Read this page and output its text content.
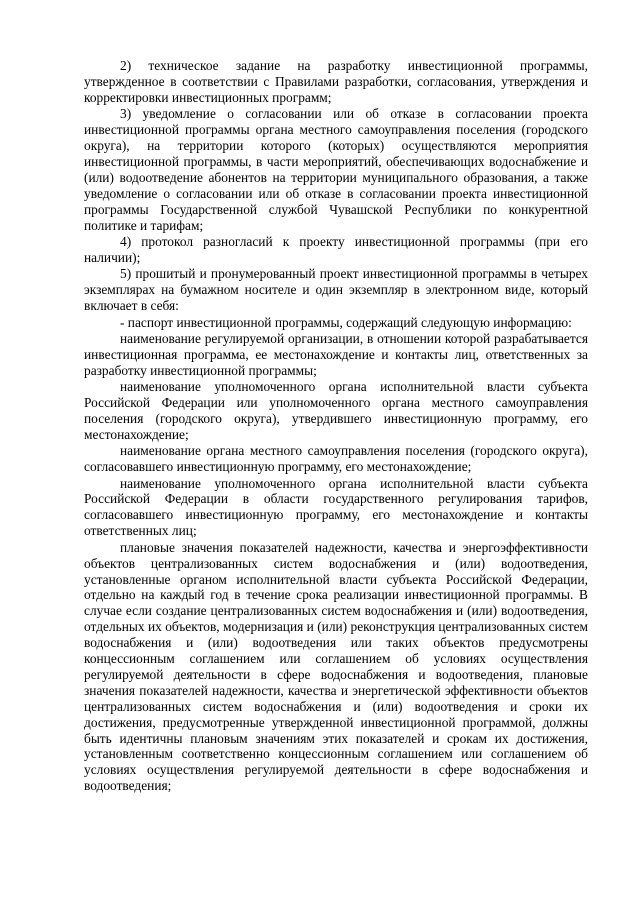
2) техническое задание на разработку инвестиционной программы, утвержденное в соответствии с Правилами разработки, согласования, утверждения и корректировки инвестиционных программ;

3) уведомление о согласовании или об отказе в согласовании проекта инвестиционной программы органа местного самоуправления поселения (городского округа), на территории которого (которых) осуществляются мероприятия инвестиционной программы, в части мероприятий, обеспечивающих водоснабжение и (или) водоотведение абонентов на территории муниципального образования, а также уведомление о согласовании или об отказе в согласовании проекта инвестиционной программы Государственной службой Чувашской Республики по конкурентной политике и тарифам;

4) протокол разногласий к проекту инвестиционной программы (при его наличии);

5) прошитый и пронумерованный проект инвестиционной программы в четырех экземплярах на бумажном носителе и один экземпляр в электронном виде, который включает в себя:

- паспорт инвестиционной программы, содержащий следующую информацию:

наименование регулируемой организации, в отношении которой разрабатывается инвестиционная программа, ее местонахождение и контакты лиц, ответственных за разработку инвестиционной программы;

наименование уполномоченного органа исполнительной власти субъекта Российской Федерации или уполномоченного органа местного самоуправления поселения (городского округа), утвердившего инвестиционную программу, его местонахождение;

наименование органа местного самоуправления поселения (городского округа), согласовавшего инвестиционную программу, его местонахождение;

наименование уполномоченного органа исполнительной власти субъекта Российской Федерации в области государственного регулирования тарифов, согласовавшего инвестиционную программу, его местонахождение и контакты ответственных лиц;

плановые значения показателей надежности, качества и энергоэффективности объектов централизованных систем водоснабжения и (или) водоотведения, установленные органом исполнительной власти субъекта Российской Федерации, отдельно на каждый год в течение срока реализации инвестиционной программы. В случае если создание централизованных систем водоснабжения и (или) водоотведения, отдельных их объектов, модернизация и (или) реконструкция централизованных систем водоснабжения и (или) водоотведения или таких объектов предусмотрены концессионным соглашением или соглашением об условиях осуществления регулируемой деятельности в сфере водоснабжения и водоотведения, плановые значения показателей надежности, качества и энергетической эффективности объектов централизованных систем водоснабжения и (или) водоотведения и сроки их достижения, предусмотренные утвержденной инвестиционной программой, должны быть идентичны плановым значениям этих показателей и срокам их достижения, установленным соответственно концессионным соглашением или соглашением об условиях осуществления регулируемой деятельности в сфере водоснабжения и водоотведения;
